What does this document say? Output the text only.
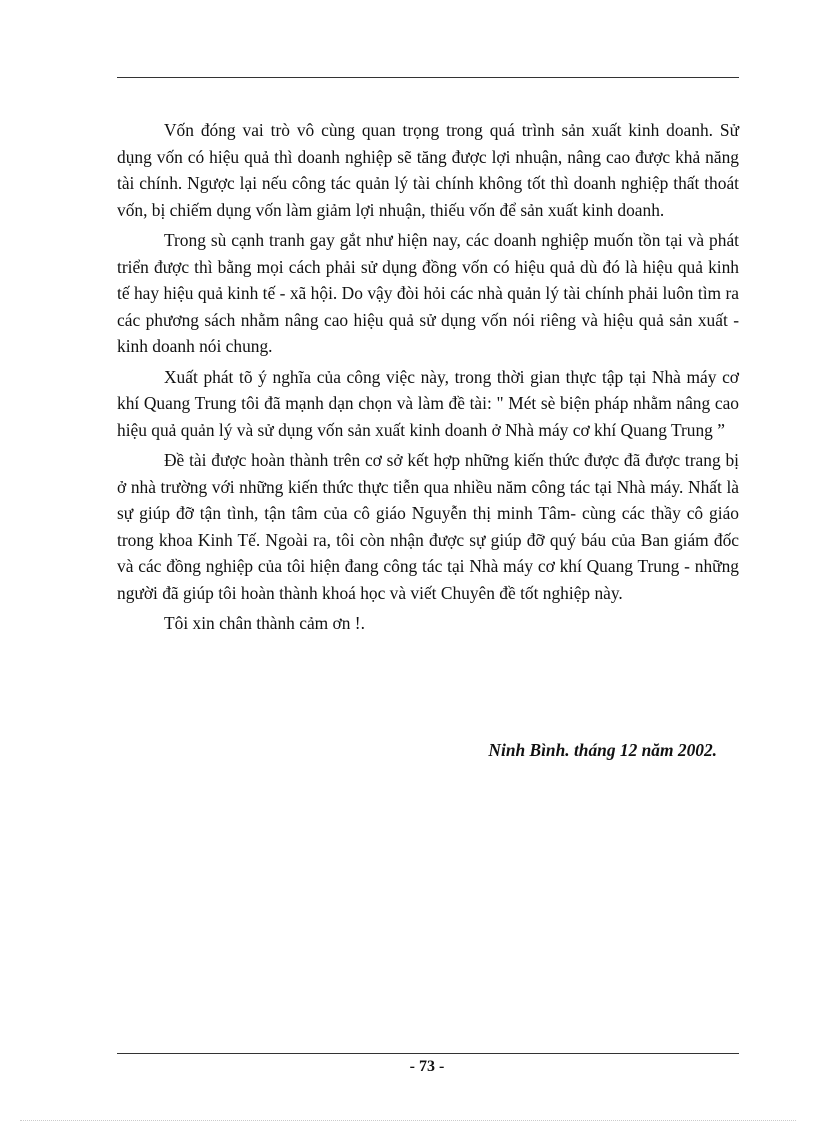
Vốn đóng vai trò vô cùng quan trọng trong quá trình sản xuất kinh doanh. Sử dụng vốn có hiệu quả thì doanh nghiệp sẽ tăng được lợi nhuận, nâng cao được khả năng tài chính. Ngược lại nếu công tác quản lý tài chính không tốt thì doanh nghiệp thất thoát vốn, bị chiếm dụng vốn làm giảm lợi nhuận, thiếu vốn để sản xuất kinh doanh.

Trong sù cạnh tranh gay gắt như hiện nay, các doanh nghiệp muốn tồn tại và phát triển được thì bằng mọi cách phải sử dụng đồng vốn có hiệu quả dù đó là hiệu quả kinh tế hay hiệu quả kinh tế - xã hội. Do vậy đòi hỏi các nhà quản lý tài chính phải luôn tìm ra các phương sách nhằm nâng cao hiệu quả sử dụng vốn nói riêng và hiệu quả sản xuất - kinh doanh nói chung.

Xuất phát tõ ý nghĩa của công việc này, trong thời gian thực tập tại Nhà máy cơ khí Quang Trung tôi đã mạnh dạn chọn và làm đề tài: " Mét sè biện pháp nhằm nâng cao hiệu quả quản lý và sử dụng vốn sản xuất kinh doanh ở Nhà máy cơ khí Quang Trung ”

Đề tài được hoàn thành trên cơ sở kết hợp những kiến thức được đã được trang bị ở nhà trường với những kiến thức thực tiễn qua nhiều năm công tác tại Nhà máy. Nhất là sự giúp đỡ tận tình, tận tâm của cô giáo Nguyễn thị minh Tâm- cùng các thầy cô giáo trong khoa Kinh Tế. Ngoài ra, tôi còn nhận được sự giúp đỡ quý báu của Ban giám đốc và các đồng nghiệp của tôi hiện đang công tác tại Nhà máy cơ khí Quang Trung - những người đã giúp tôi hoàn thành khoá học và viết Chuyên đề tốt nghiệp này.

Tôi xin chân thành cảm ơn !.

Ninh Bình. tháng 12 năm 2002.
- 73 -
